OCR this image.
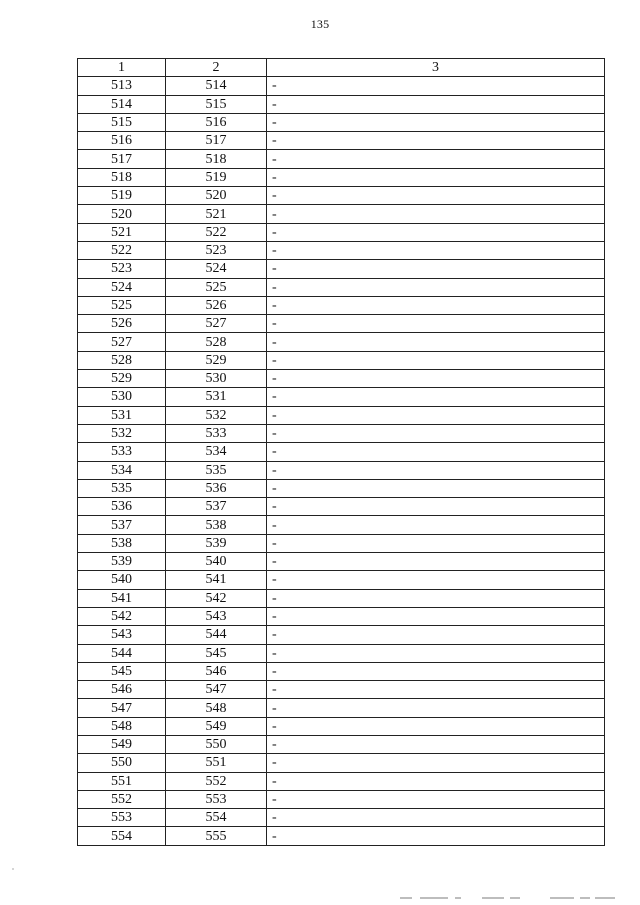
135
1	2	3
513	514	-
514	515	-
515	516	-
516	517	-
517	518	-
518	519	-
519	520	-
520	521	-
521	522	-
522	523	-
523	524	-
524	525	-
525	526	-
526	527	-
527	528	-
528	529	-
529	530	-
530	531	-
531	532	-
532	533	-
533	534	-
534	535	-
535	536	-
536	537	-
537	538	-
538	539	-
539	540	-
540	541	-
541	542	-
542	543	-
543	544	-
544	545	-
545	546	-
546	547	-
547	548	-
548	549	-
549	550	-
550	551	-
551	552	-
552	553	-
553	554	-
554	555	-
